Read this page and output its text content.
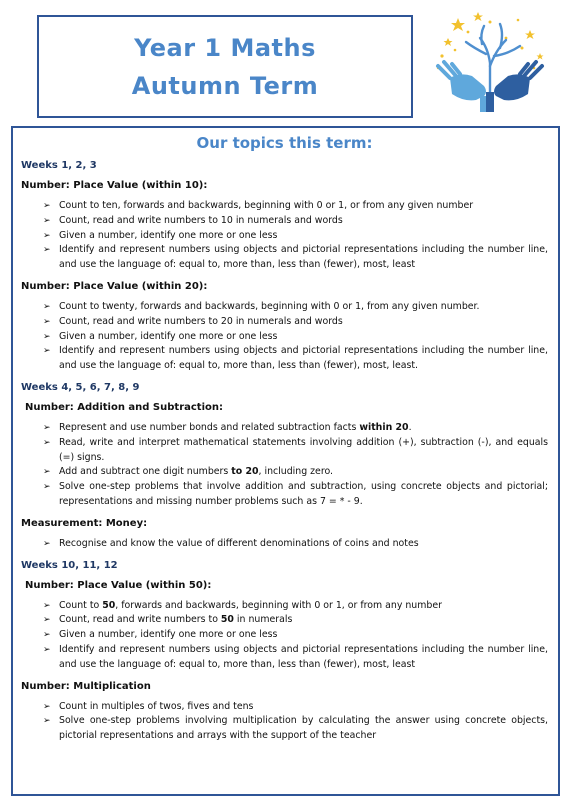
Year 1 Maths
Autumn Term
Our topics this term:
Weeks 1, 2, 3
Number: Place Value (within 10):
➢ Count to ten, forwards and backwards, beginning with 0 or 1, or from any given number
➢ Count, read and write numbers to 10 in numerals and words
➢ Given a number, identify one more or one less
➢ Identify and represent numbers using objects and pictorial representations including the number line, and use the language of: equal to, more than, less than (fewer), most, least
Number: Place Value (within 20):
➢ Count to twenty, forwards and backwards, beginning with 0 or 1, from any given number.
➢ Count, read and write numbers to 20 in numerals and words
➢ Given a number, identify one more or one less
➢ Identify and represent numbers using objects and pictorial representations including the number line, and use the language of: equal to, more than, less than (fewer), most, least.
Weeks 4, 5, 6, 7, 8, 9
Number: Addition and Subtraction:
➢ Represent and use number bonds and related subtraction facts within 20.
➢ Read, write and interpret mathematical statements involving addition (+), subtraction (-), and equals (=) signs.
➢ Add and subtract one digit numbers to 20, including zero.
➢ Solve one-step problems that involve addition and subtraction, using concrete objects and pictorial; representations and missing number problems such as 7 = * - 9.
Measurement: Money:
➢ Recognise and know the value of different denominations of coins and notes
Weeks 10, 11, 12
Number: Place Value (within 50):
➢ Count to 50, forwards and backwards, beginning with 0 or 1, or from any number
➢ Count, read and write numbers to 50 in numerals
➢ Given a number, identify one more or one less
➢ Identify and represent numbers using objects and pictorial representations including the number line, and use the language of: equal to, more than, less than (fewer), most, least
Number: Multiplication
➢ Count in multiples of twos, fives and tens
➢ Solve one-step problems involving multiplication by calculating the answer using concrete objects, pictorial representations and arrays with the support of the teacher
